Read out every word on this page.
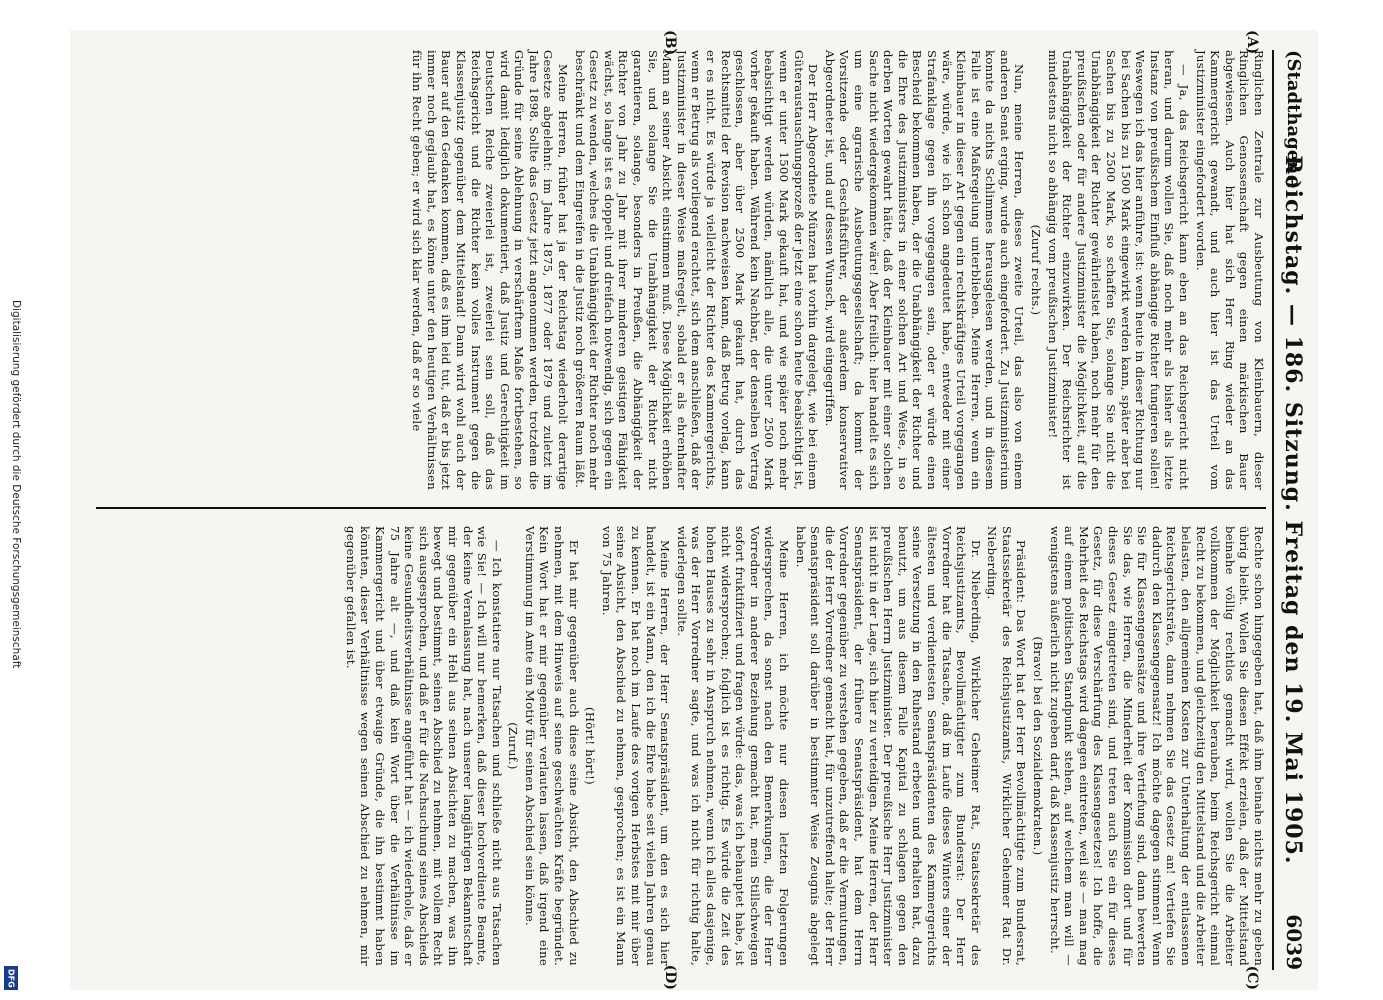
(Stadthagen.)
Reichstag. — 186. Sitzung. Freitag den 19. Mai 1905.
6039
(A)
(B)
(C)
(D)

Ringlichen Zentrale zur Ausbeutung von Kleinbauern, dieser Ringlichen Genossenschaft gegen einen märkischen Bauer abgewiesen. Auch hier hat sich Herr Ring wieder an das Kammergericht gewandt, und auch hier ist das Urteil vom Justizminister eingefordert worden.

— Ja, das Reichsgericht kann eben an das Reichsgericht nicht heran, und darum wollen Sie, daß noch mehr als bisher als letzte Instanz von preußischem Einfluß abhängige Richter fungieren sollen! Weswegen ich das hier anführe, ist: wenn heute in dieser Richtung nur bei Sachen bis zu 1500 Mark eingewirkt werden kann, später aber bei Sachen bis zu 2500 Mark, so schaffen Sie, solange Sie nicht die Unabhängigkeit der Richter gewährleistet haben, noch mehr für den preußischen oder für andere Justizminister die Möglichkeit, auf die Unabhängigkeit der Richter einzuwirken. Der Reichsrichter ist mindestens nicht so abhängig vom preußischen Justizminister!

(Zuruf rechts.)

Nun, meine Herren, dieses zweite Urteil, das also von einem anderen Senat erging, wurde auch eingefordert. Zu Justizministerium konnte da nichts Schlimmes herausgelesen werden, und in diesem Falle ist eine Maßregelung unterblieben. Meine Herren, wenn ein Kleinbauer in dieser Art gegen ein rechtskräftiges Urteil vorgegangen wäre, würde, wie ich schon angedeutet habe, entweder mit einer Strafanklage gegen ihn vorgegangen sein, oder er würde einen Bescheid bekommen haben, der die Unabhängigkeit der Richter und die Ehre des Justizministers in einer solchen Art und Weise, in so derben Worten gewahrt hätte, daß der Kleinbauer mit einer solchen Sache nicht wiedergekommen wäre! Aber freilich: hier handelt es sich um eine agrarische Ausbeutungsgesellschaft; da kommt der Vorsitzende oder Geschäftsführer, der außerdem konservativer Abgeordneter ist, und auf dessen Wunsch, wird eingegriffen.

Der Herr Abgeordnete Münzen hat vorhin dargelegt, wie bei einem Güteraustauschungsprozeß der jetzt eine schon heute beabsichtigt ist, wenn er unter 1500 Mark gekauft hat, und wie später noch mehr beabsichtigt werden würden, nämlich alle, die unter 2500 Mark vorher gekauft haben. Während kein Nachbar, der denselben Vertrag geschlossen, aber über 2500 Mark gekauft hat, durch das Rechtsmittel der Revision nachweisen kann, daß Betrug vorlag, kann er es nicht. Es würde ja vielleicht der Richter des Kammergerichts, wenn er Betrug als vorliegend erachtet, sich dem anschließen, daß der Justizminister in dieser Weise maßregelt, sobald er als ehrenhafter Mann an seiner Absicht einstimmen muß. Diese Möglichkeit erhöhen Sie, und solange Sie die Unabhängigkeit der Richter nicht garantieren, solange, besonders in Preußen, die Abhängigkeit der Richter von Jahr zu Jahr mit ihrer minderen geistigen Fähigkeit wächst, so lange ist es doppelt und dreifach notwendig, sich gegen ein Gesetz zu wenden, welches die Unabhängigkeit der Richter noch mehr beschränkt und dem Eingreifen in die Justiz noch größeren Raum läßt.

Meine Herren, früher hat ja der Reichstag wiederholt derartige Gesetze abgelehnt: im Jahre 1875, 1877 oder 1879 und zuletzt im Jahre 1898. Sollte das Gesetz jetzt angenommen werden, trotzdem die Gründe für seine Ablehnung in verschärftem Maße fortbestehen, so wird damit lediglich dokumentiert, daß Justiz und Gerechtigkeit im Deutschen Reiche zweierlei ist, zweierlei sein soll, daß das Reichsgericht und die Richter kein volles Instrument gegen die Klassenjustiz gegenüber dem Mittelstand! Dann wird wohl auch der Bauer auf den Gedanken kommen, daß es ihm leid tut, daß er bis jetzt immer noch geglaubt hat, es könne unter den heutigen Verhältnissen für ihn Recht geben; er wird sich klar werden, daß er so viele

Rechte schon hingegeben hat, daß ihm beinahe nichts mehr zu geben übrig bleibt. Wollen Sie diesen Effekt erzielen, daß der Mittelstand beinahe völlig rechtlos gemacht wird, wollen Sie die Arbeiter vollkommen der Möglichkeit berauben, beim Reichsgericht einmal Recht zu bekommen, und gleichzeitig den Mittelstand und die Arbeiter belasten, den allgemeinen Kosten zur Unterhaltung der entlassenen Reichsgerichtsräte, dann nehmen Sie das Gesetz an! Vertiefen Sie dadurch den Klassengegensatz! Ich möchte dagegen stimmen! Wenn Sie für Klassengegensätze und ihre Vertiefung sind, dann bewerten Sie das, wie Herren, die Minderheit der Kommission dort und für dieses Gesetz eingetreten sind, und treten auch Sie ein für dieses Gesetz, für diese Verschärfung des Klassengesetzes! Ich hoffe, die Mehrheit des Reichstags wird dagegen eintreten, weil sie — man mag auf einem politischen Standpunkt stehen, auf welchem man will — wenigstens äußerlich nicht zugeben darf, daß Klassenjustiz herrscht.

(Bravo! bei den Sozialdemokraten.)

Präsident: Das Wort hat der Herr Bevollmächtigte zum Bundesrat, Staatssekretär des Reichsjustizamts, Wirklicher Geheimer Rat Dr. Nieberding.

Dr. Nieberding, Wirklicher Geheimer Rat, Staatssekretär des Reichsjustizamts, Bevollmächtigter zum Bundesrat: Der Herr Vorredner hat die Tatsache, daß im Laufe dieses Winters einer der ältesten und verdientesten Senatspräsidenten des Kammergerichts seine Versetzung in den Ruhestand erbeten und erhalten hat, dazu benutzt, um aus diesem Falle Kapital zu schlagen gegen den preußischen Herrn Justizminister. Der preußische Herr Justizminister ist nicht in der Lage, sich hier zu verteidigen. Meine Herren, der Herr Senatspräsident, der frühere Senatspräsident, hat dem Herrn Vorredner gegenüber zu verstehen gegeben, daß er die Vermutungen, die der Herr Vorredner gemacht hat, für unzutreffend halte; der Herr Senatspräsident soll darüber in bestimmter Weise Zeugnis abgelegt haben.

Meine Herren, ich möchte nur diesen letzten Folgerungen widersprechen, da sonst nach den Bemerkungen, die der Herr Vorredner in anderer Beziehung gemacht hat, mein Stillschweigen sofort fruktifiziert und fragen würde: das, was ich behauptet habe, ist nicht widersprochen; folglich ist es richtig. Es würde die Zeit des hohen Hauses zu sehr in Anspruch nehmen, wenn ich alles dasjenige, was der Herr Vorredner sagte, und was ich nicht für richtig halte, widerlegen sollte.

Meine Herren, der Herr Senatspräsident, um den es sich hier handelt, ist ein Mann, den ich die Ehre habe seit vielen Jahren genau zu kennen. Er hat noch im Laufe des vorigen Herbstes mit mir über seine Absicht, den Abschied zu nehmen, gesprochen; es ist ein Mann von 75 Jahren.

(Hört! hört!)

Er hat mir gegenüber auch diese seine Absicht, den Abschied zu nehmen, mit dem Hinweis auf seine geschwächten Kräfte begründet. Kein Wort hat er mir gegenüber verlauten lassen, daß irgend eine Verstimmung im Amte ein Motiv für seinen Abschied sein könne.

(Zuruf.)

— Ich konstatiere nur Tatsachen und schließe nicht aus Tatsachen wie Sie! — Ich will nur bemerken, daß dieser hochverdiente Beamte, der keine Veranlassung hat, nach unserer langjährigen Bekanntschaft mir gegenüber ein Hehl aus seinen Absichten zu machen, was ihn bewegt und bestimmt, seinen Abschied zu nehmen, mit vollem Recht sich ausgesprochen, und daß er für die Nachsuchung seines Abschieds keine Gesundheitsverhältnisse angeführt hat — ich wiederhole, daß er 75 Jahre alt —, und daß kein Wort über die Verhältnisse im Kammergericht und über etwaige Gründe, die ihn bestimmt haben könnten, dieser Verhältnisse wegen seinen Abschied zu nehmen, mir gegenüber gefallen ist.

Digitalisierung gefördert durch die Deutsche Forschungsgemeinschaft
DFG
